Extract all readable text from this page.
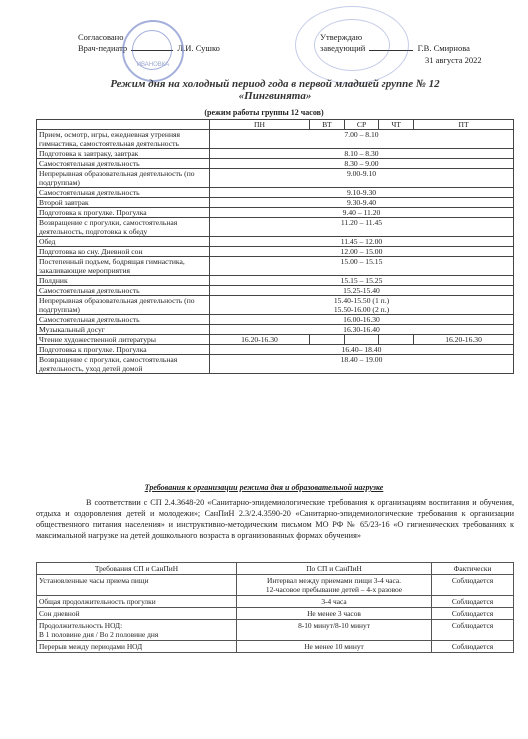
Согласовано
Врач-педиатр	Л.И. Сушко
Утверждаю
заведующий	Г.В. Смирнова
31 августа 2022
ИВАНОВКА
Режим дня на холодный период года в первой младшей группе № 12
«Пингвинята»
(режим работы группы 12 часов)
	ПН	ВТ	СР	ЧТ	ПТ
Прием, осмотр, игры, ежедневная утренняя гимнастика, самостоятельная деятельность	7.00 – 8.10				

Подготовка к завтраку, завтрак	8.10 – 8.30				

Самостоятельная деятельность	8.30 – 9.00				

Непрерывная образовательная деятельность (по подгруппам)	9.00-9.10				

Самостоятельная деятельность	9.10-9.30				

Второй завтрак	9.30-9.40				

Подготовка к прогулке. Прогулка	9.40 – 11.20				

Возвращение с прогулки, самостоятельная деятельность, подготовка к обеду	11.20 – 11.45				

Обед	11.45 – 12.00				

Подготовка ко сну. Дневной сон	12.00 – 15.00				

Постепенный подъем, бодрящая гимнастика, закаливающие мероприятия	15.00 – 15.15				

Полдник	15.15 – 15.25				

Самостоятельная деятельность	15.25-15.40				

Непрерывная образовательная деятельность (по подгруппам)	15.40-15.50 (1 п.)
15.50-16.00 (2 п.)				

Самостоятельная деятельность	16.00-16.30				

Музыкальный досуг	16.30-16.40				

Чтение художественной литературы	16.20-16.30				16.20-16.30
Подготовка к прогулке. Прогулка	16.40– 18.40				

Возвращение с прогулки, самостоятельная деятельность, уход детей домой	18.40 – 19.00				
Требования к организации режима дня и образовательной нагрузке
В соответствии с СП 2.4.3648-20 «Санитарно-эпидемиологические требования к организациям воспитания и обучения, отдыха и оздоровления детей и молодежи»; СанПиН 2.3/2.4.3590-20 «Санитарно-эпидемиологические требования к организации общественного питания населения» и инструктивно-методическим письмом МО РФ № 65/23-16 «О гигиенических требованиях к максимальной нагрузке на детей дошкольного возраста в организованных формах обучения»
Требования СП и СанПиН	По СП и СанПиН	Фактически

Установленные часы приема пищи	Интервал между приемами пищи 3-4 часа.
12-часовое пребывание детей – 4-х разовое	Соблюдается

Общая продолжительность прогулки	3-4 часа	Соблюдается

Сон дневной	Не менее 3 часов	Соблюдается

Продолжительность НОД:
В 1 половине дня / Во 2 половине дня	8-10 минут/8-10 минут	Соблюдается

Перерыв между периодами НОД	Не менее 10 минут	Соблюдается
